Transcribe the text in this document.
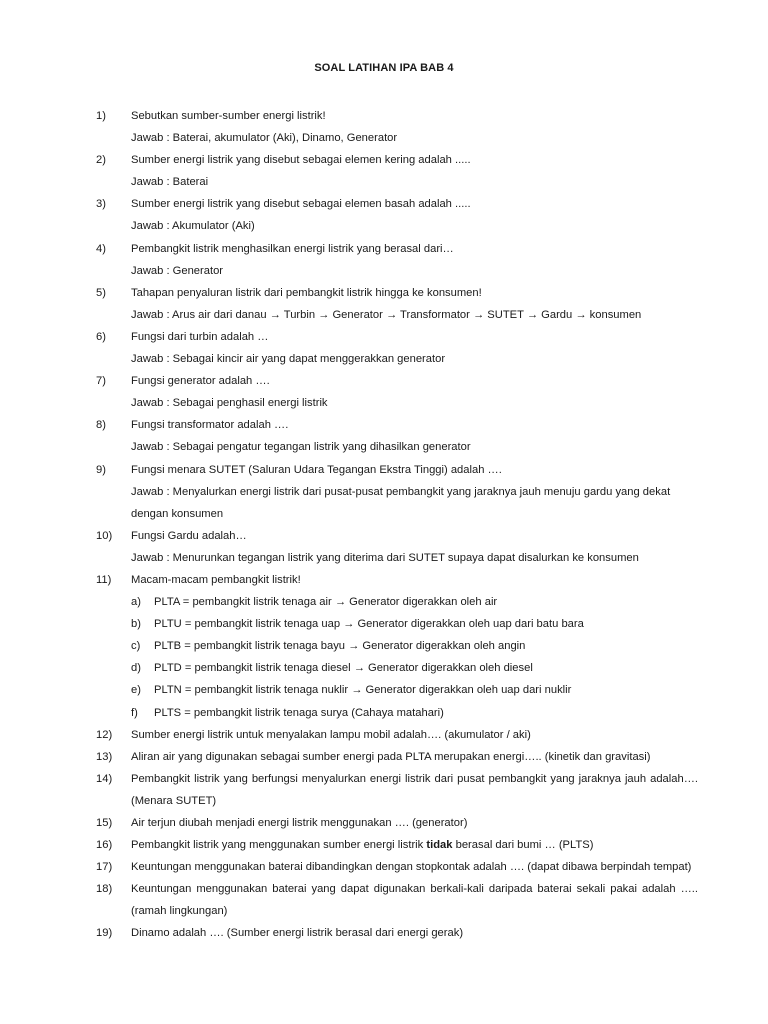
SOAL LATIHAN IPA BAB 4
1)	Sebutkan sumber-sumber energi listrik!
Jawab : Baterai, akumulator (Aki), Dinamo, Generator
2)	Sumber energi listrik yang disebut sebagai elemen kering adalah .....
Jawab : Baterai
3)	Sumber energi listrik yang disebut sebagai elemen basah adalah .....
Jawab : Akumulator (Aki)
4)	Pembangkit listrik menghasilkan energi listrik yang berasal dari…
Jawab : Generator
5)	Tahapan penyaluran listrik dari pembangkit listrik hingga ke konsumen!
Jawab : Arus air dari danau → Turbin → Generator → Transformator → SUTET → Gardu → konsumen
6)	Fungsi dari turbin adalah …
Jawab : Sebagai kincir air yang dapat menggerakkan generator
7)	Fungsi generator adalah ….
Jawab : Sebagai penghasil energi listrik
8)	Fungsi transformator adalah ….
Jawab : Sebagai pengatur tegangan listrik yang dihasilkan generator
9)	Fungsi menara SUTET (Saluran Udara Tegangan Ekstra Tinggi) adalah ….
Jawab : Menyalurkan energi listrik dari pusat-pusat pembangkit yang jaraknya jauh menuju gardu yang dekat dengan konsumen
10)	Fungsi Gardu adalah…
Jawab : Menurunkan tegangan listrik yang diterima dari SUTET supaya dapat disalurkan ke konsumen
11)	Macam-macam pembangkit listrik!
a)	PLTA = pembangkit listrik tenaga air → Generator digerakkan oleh air
b)	PLTU = pembangkit listrik tenaga uap → Generator digerakkan oleh uap dari batu bara
c)	PLTB = pembangkit listrik tenaga bayu → Generator digerakkan oleh angin
d)	PLTD = pembangkit listrik tenaga diesel → Generator digerakkan oleh diesel
e)	PLTN = pembangkit listrik tenaga nuklir → Generator digerakkan oleh uap dari nuklir
f)	PLTS = pembangkit listrik tenaga surya (Cahaya matahari)
12)	Sumber energi listrik untuk menyalakan lampu mobil adalah…. (akumulator / aki)
13)	Aliran air yang digunakan sebagai sumber energi pada PLTA merupakan energi….. (kinetik dan gravitasi)
14)	Pembangkit listrik yang berfungsi menyalurkan energi listrik dari pusat pembangkit yang jaraknya jauh adalah…. (Menara SUTET)
15)	Air terjun diubah menjadi energi listrik menggunakan …. (generator)
16)	Pembangkit listrik yang menggunakan sumber energi listrik tidak berasal dari bumi … (PLTS)
17)	Keuntungan menggunakan baterai dibandingkan dengan stopkontak adalah …. (dapat dibawa berpindah tempat)
18)	Keuntungan menggunakan baterai yang dapat digunakan berkali-kali daripada baterai sekali pakai adalah ….. (ramah lingkungan)
19)	Dinamo adalah …. (Sumber energi listrik berasal dari energi gerak)
